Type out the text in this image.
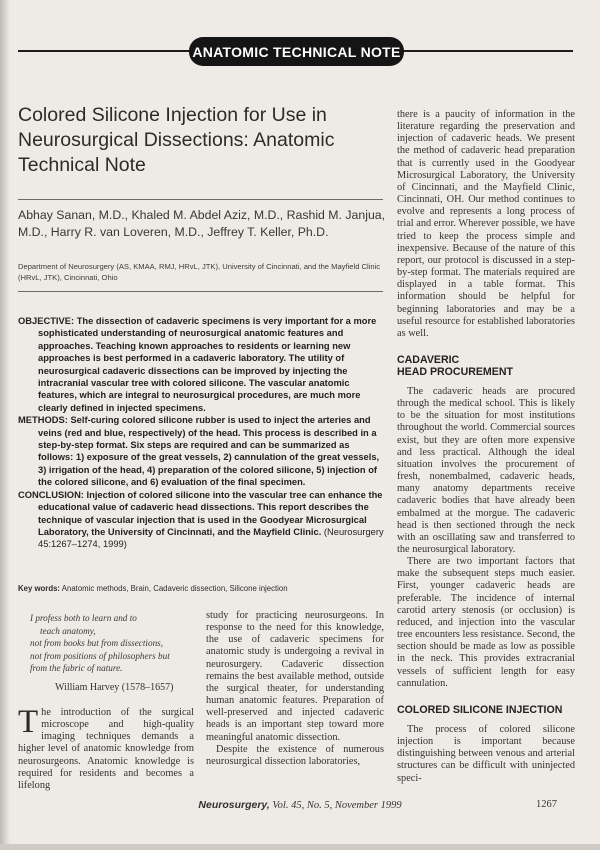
ANATOMIC TECHNICAL NOTE
Colored Silicone Injection for Use in Neurosurgical Dissections: Anatomic Technical Note
Abhay Sanan, M.D., Khaled M. Abdel Aziz, M.D., Rashid M. Janjua, M.D., Harry R. van Loveren, M.D., Jeffrey T. Keller, Ph.D.
Department of Neurosurgery (AS, KMAA, RMJ, HRvL, JTK), University of Cincinnati, and the Mayfield Clinic (HRvL, JTK), Cincinnati, Ohio

OBJECTIVE: The dissection of cadaveric specimens is very important for a more sophisticated understanding of neurosurgical anatomic features and approaches. Teaching known approaches to residents or learning new approaches is best performed in a cadaveric laboratory. The utility of neurosurgical cadaveric dissections can be improved by injecting the intracranial vascular tree with colored silicone. The vascular anatomic features, which are integral to neurosurgical procedures, are much more clearly defined in injected specimens.

METHODS: Self-curing colored silicone rubber is used to inject the arteries and veins (red and blue, respectively) of the head. This process is described in a step-by-step format. Six steps are required and can be summarized as follows: 1) exposure of the great vessels, 2) cannulation of the great vessels, 3) irrigation of the head, 4) preparation of the colored silicone, 5) injection of the colored silicone, and 6) evaluation of the final specimen.

CONCLUSION: Injection of colored silicone into the vascular tree can enhance the educational value of cadaveric head dissections. This report describes the technique of vascular injection that is used in the Goodyear Microsurgical Laboratory, the University of Cincinnati, and the Mayfield Clinic. (Neurosurgery 45:1267–1274, 1999)

Key words: Anatomic methods, Brain, Cadaveric dissection, Silicone injection
I profess both to learn and to
teach anatomy,
not from books but from dissections,
not from positions of philosophers but
from the fabric of nature.
William Harvey (1578–1657)

The introduction of the surgical microscope and high-quality imaging techniques demands a higher level of anatomic knowledge from neurosurgeons. Anatomic knowledge is required for residents and becomes a lifelong

study for practicing neurosurgeons. In response to the need for this knowledge, the use of cadaveric specimens for anatomic study is undergoing a revival in neurosurgery. Cadaveric dissection remains the best available method, outside the surgical theater, for understanding human anatomic features. Preparation of well-preserved and injected cadaveric heads is an important step toward more meaningful anatomic dissection.

Despite the existence of numerous neurosurgical dissection laboratories,

there is a paucity of information in the literature regarding the preservation and injection of cadaveric heads. We present the method of cadaveric head preparation that is currently used in the Goodyear Microsurgical Laboratory, the University of Cincinnati, and the Mayfield Clinic, Cincinnati, OH. Our method continues to evolve and represents a long process of trial and error. Wherever possible, we have tried to keep the process simple and inexpensive. Because of the nature of this report, our protocol is discussed in a step-by-step format. The materials required are displayed in a table format. This information should be helpful for beginning laboratories and may be a useful resource for established laboratories as well.

CADAVERIC
HEAD PROCUREMENT

The cadaveric heads are procured through the medical school. This is likely to be the situation for most institutions throughout the world. Commercial sources exist, but they are often more expensive and less practical. Although the ideal situation involves the procurement of fresh, nonembalmed, cadaveric heads, many anatomy departments receive cadaveric bodies that have already been embalmed at the morgue. The cadaveric head is then sectioned through the neck with an oscillating saw and transferred to the neurosurgical laboratory.

There are two important factors that make the subsequent steps much easier. First, younger cadaveric heads are preferable. The incidence of internal carotid artery stenosis (or occlusion) is reduced, and injection into the vascular tree encounters less resistance. Second, the section should be made as low as possible in the neck. This provides extracranial vessels of sufficient length for easy cannulation.

COLORED SILICONE INJECTION

The process of colored silicone injection is important because distinguishing between venous and arterial structures can be difficult with uninjected speci-

Neurosurgery, Vol. 45, No. 5, November 1999	1267
